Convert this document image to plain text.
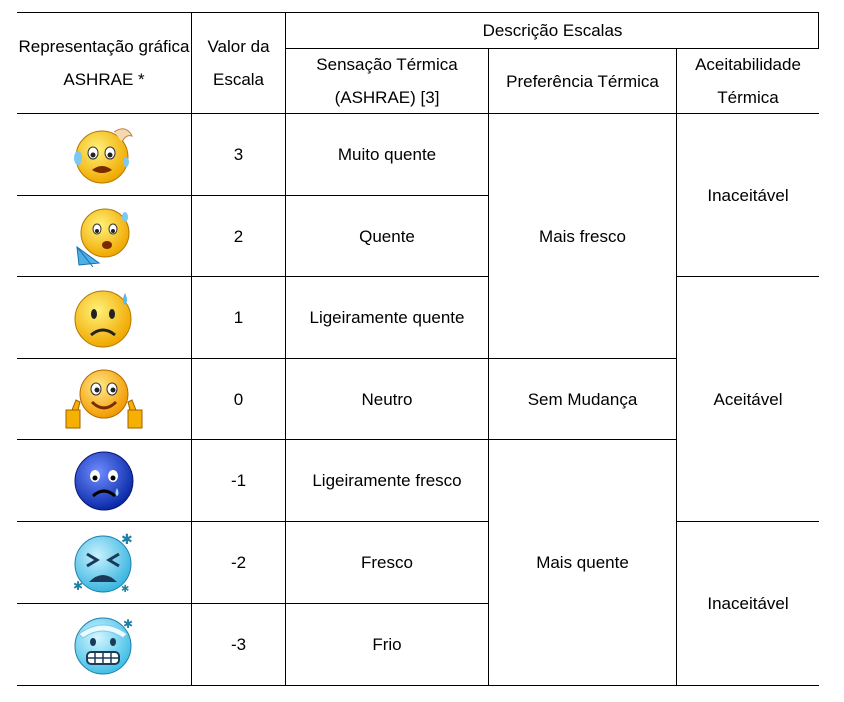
Representação gráfica ASHRAE *
Valor da Escala
Descrição Escalas
Sensação Térmica (ASHRAE) [3]
Preferência Térmica
Aceitabilidade Térmica
3
2
1
0
-1
-2
-3
Muito quente
Quente
Ligeiramente quente
Neutro
Ligeiramente fresco
Fresco
Frio
Mais fresco
Sem Mudança
Mais quente
Inaceitável
Aceitável
Inaceitável
✱
✱	✱
✱
